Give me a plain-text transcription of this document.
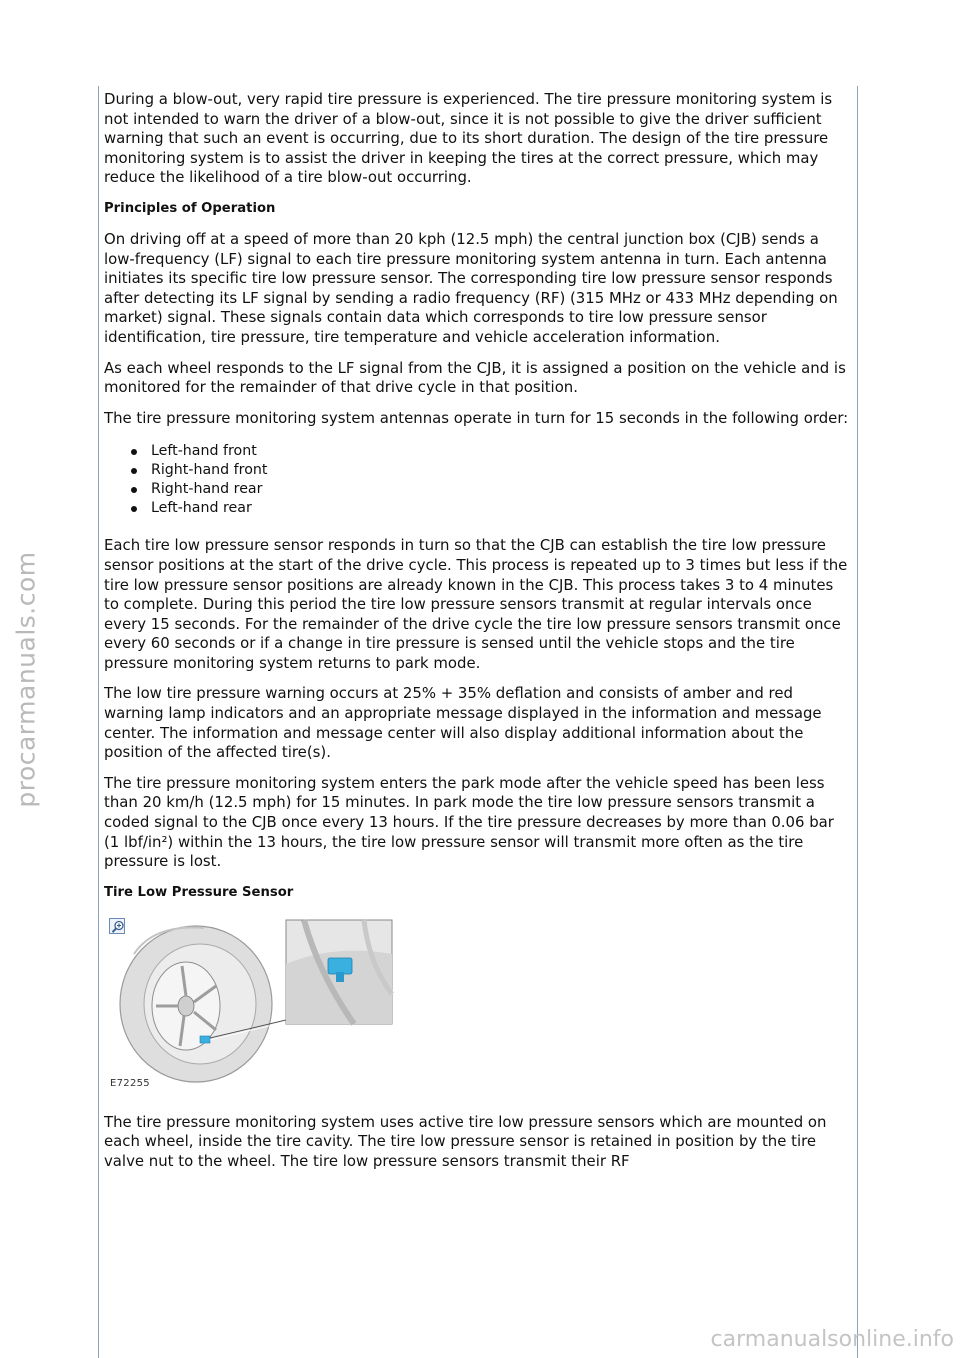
procarmanuals.com

During a blow-out, very rapid tire pressure is experienced. The tire pressure monitoring system is not intended to warn the driver of a blow-out, since it is not possible to give the driver sufficient warning that such an event is occurring, due to its short duration. The design of the tire pressure monitoring system is to assist the driver in keeping the tires at the correct pressure, which may reduce the likelihood of a tire blow-out occurring.

Principles of Operation

On driving off at a speed of more than 20 kph (12.5 mph) the central junction box (CJB) sends a low-frequency (LF) signal to each tire pressure monitoring system antenna in turn. Each antenna initiates its specific tire low pressure sensor. The corresponding tire low pressure sensor responds after detecting its LF signal by sending a radio frequency (RF) (315 MHz or 433 MHz depending on market) signal. These signals contain data which corresponds to tire low pressure sensor identification, tire pressure, tire temperature and vehicle acceleration information.

As each wheel responds to the LF signal from the CJB, it is assigned a position on the vehicle and is monitored for the remainder of that drive cycle in that position.

The tire pressure monitoring system antennas operate in turn for 15 seconds in the following order:

Left-hand front
Right-hand front
Right-hand rear
Left-hand rear

Each tire low pressure sensor responds in turn so that the CJB can establish the tire low pressure sensor positions at the start of the drive cycle. This process is repeated up to 3 times but less if the tire low pressure sensor positions are already known in the CJB. This process takes 3 to 4 minutes to complete. During this period the tire low pressure sensors transmit at regular intervals once every 15 seconds. For the remainder of the drive cycle the tire low pressure sensors transmit once every 60 seconds or if a change in tire pressure is sensed until the vehicle stops and the tire pressure monitoring system returns to park mode.

The low tire pressure warning occurs at 25% + 35% deflation and consists of amber and red warning lamp indicators and an appropriate message displayed in the information and message center. The information and message center will also display additional information about the position of the affected tire(s).

The tire pressure monitoring system enters the park mode after the vehicle speed has been less than 20 km/h (12.5 mph) for 15 minutes. In park mode the tire low pressure sensors transmit a coded signal to the CJB once every 13 hours. If the tire pressure decreases by more than 0.06 bar (1 lbf/in²) within the 13 hours, the tire low pressure sensor will transmit more often as the tire pressure is lost.

Tire Low Pressure Sensor
E72255

The tire pressure monitoring system uses active tire low pressure sensors which are mounted on each wheel, inside the tire cavity. The tire low pressure sensor is retained in position by the tire valve nut to the wheel. The tire low pressure sensors transmit their RF

carmanualsonline.info
